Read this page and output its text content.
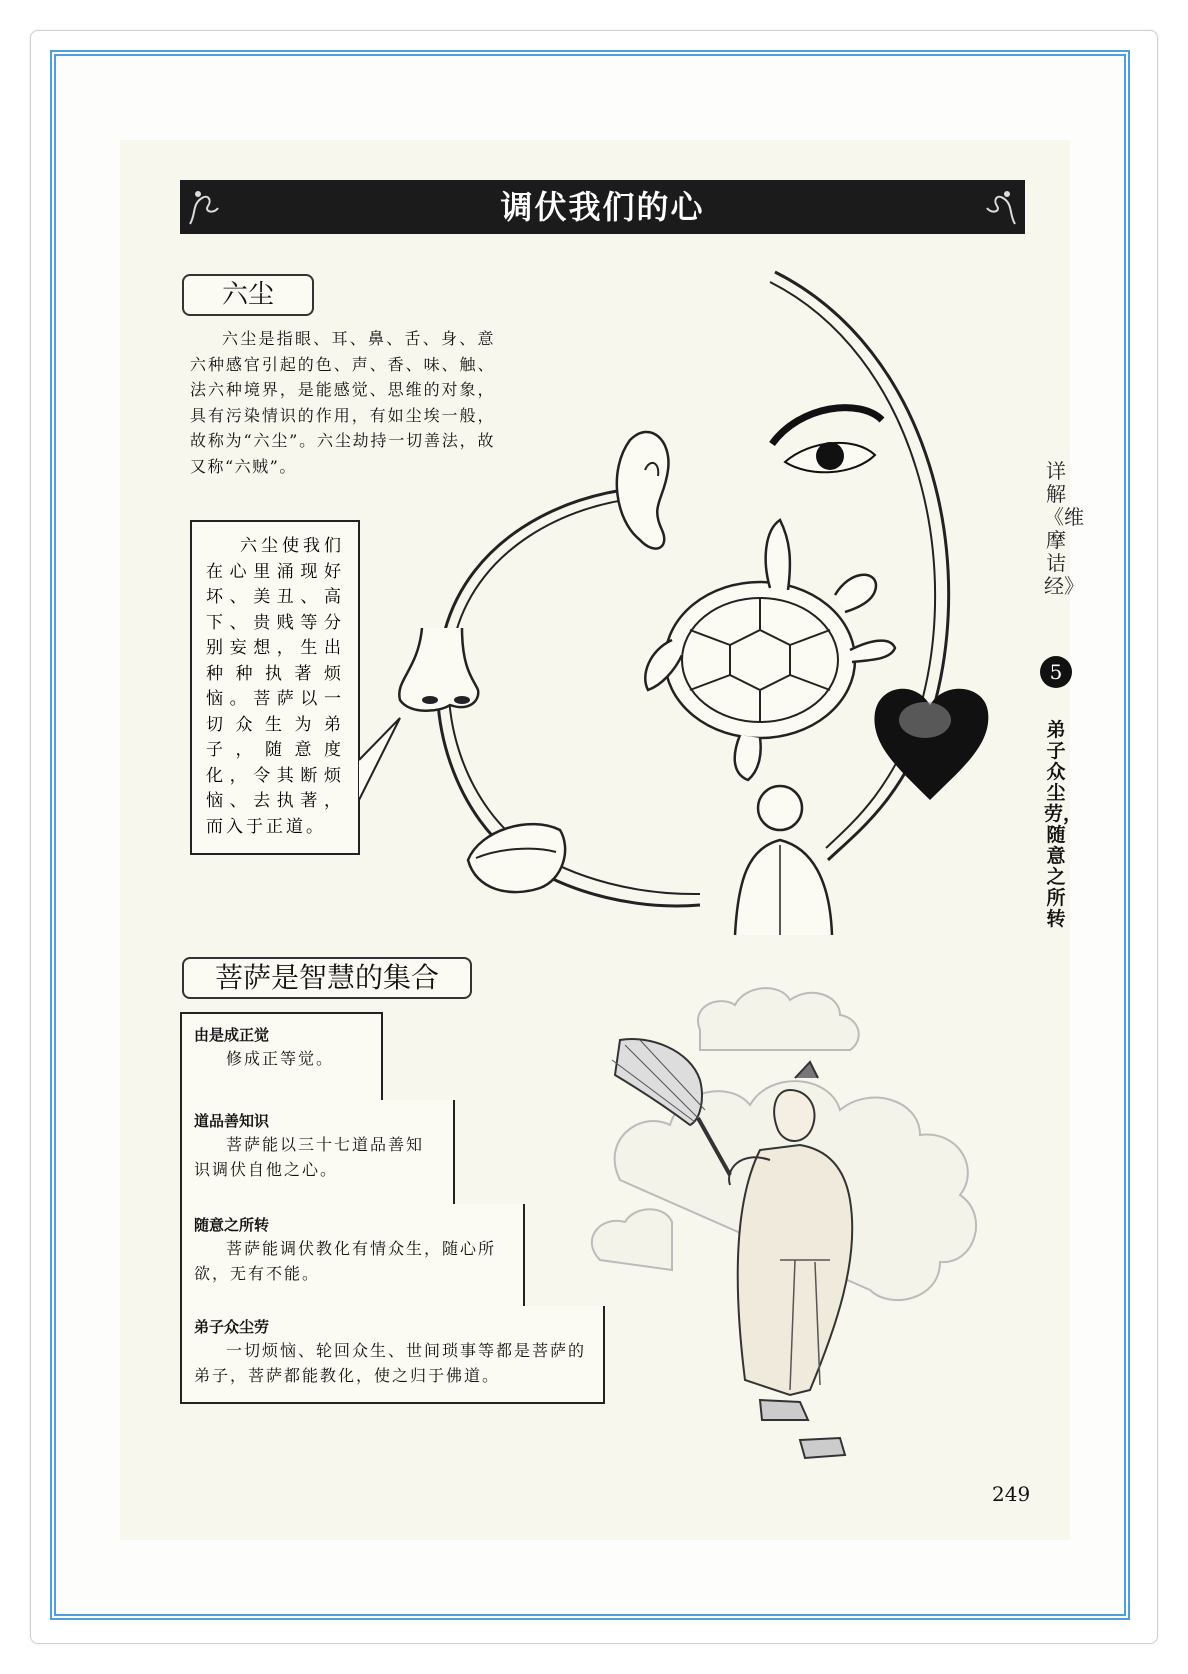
调伏我们的心
六尘
六尘是指眼、耳、鼻、舌、身、意六种感官引起的色、声、香、味、触、法六种境界，是能感觉、思维的对象，具有污染情识的作用，有如尘埃一般，故称为“六尘”。六尘劫持一切善法，故又称“六贼”。
六尘使我们在心里涌现好坏、美丑、高下、贵贱等分别妄想，生出种种执著烦恼。菩萨以一切众生为弟子，随意度化，令其断烦恼、去执著，而入于正道。
详解《维摩诘经》
5
弟子众尘劳，随意之所转
菩萨是智慧的集合
由是成正觉
修成正等觉。
道品善知识
菩萨能以三十七道品善知识调伏自他之心。
随意之所转
菩萨能调伏教化有情众生，随心所欲，无有不能。
弟子众尘劳
一切烦恼、轮回众生、世间琐事等都是菩萨的弟子，菩萨都能教化，使之归于佛道。
249
